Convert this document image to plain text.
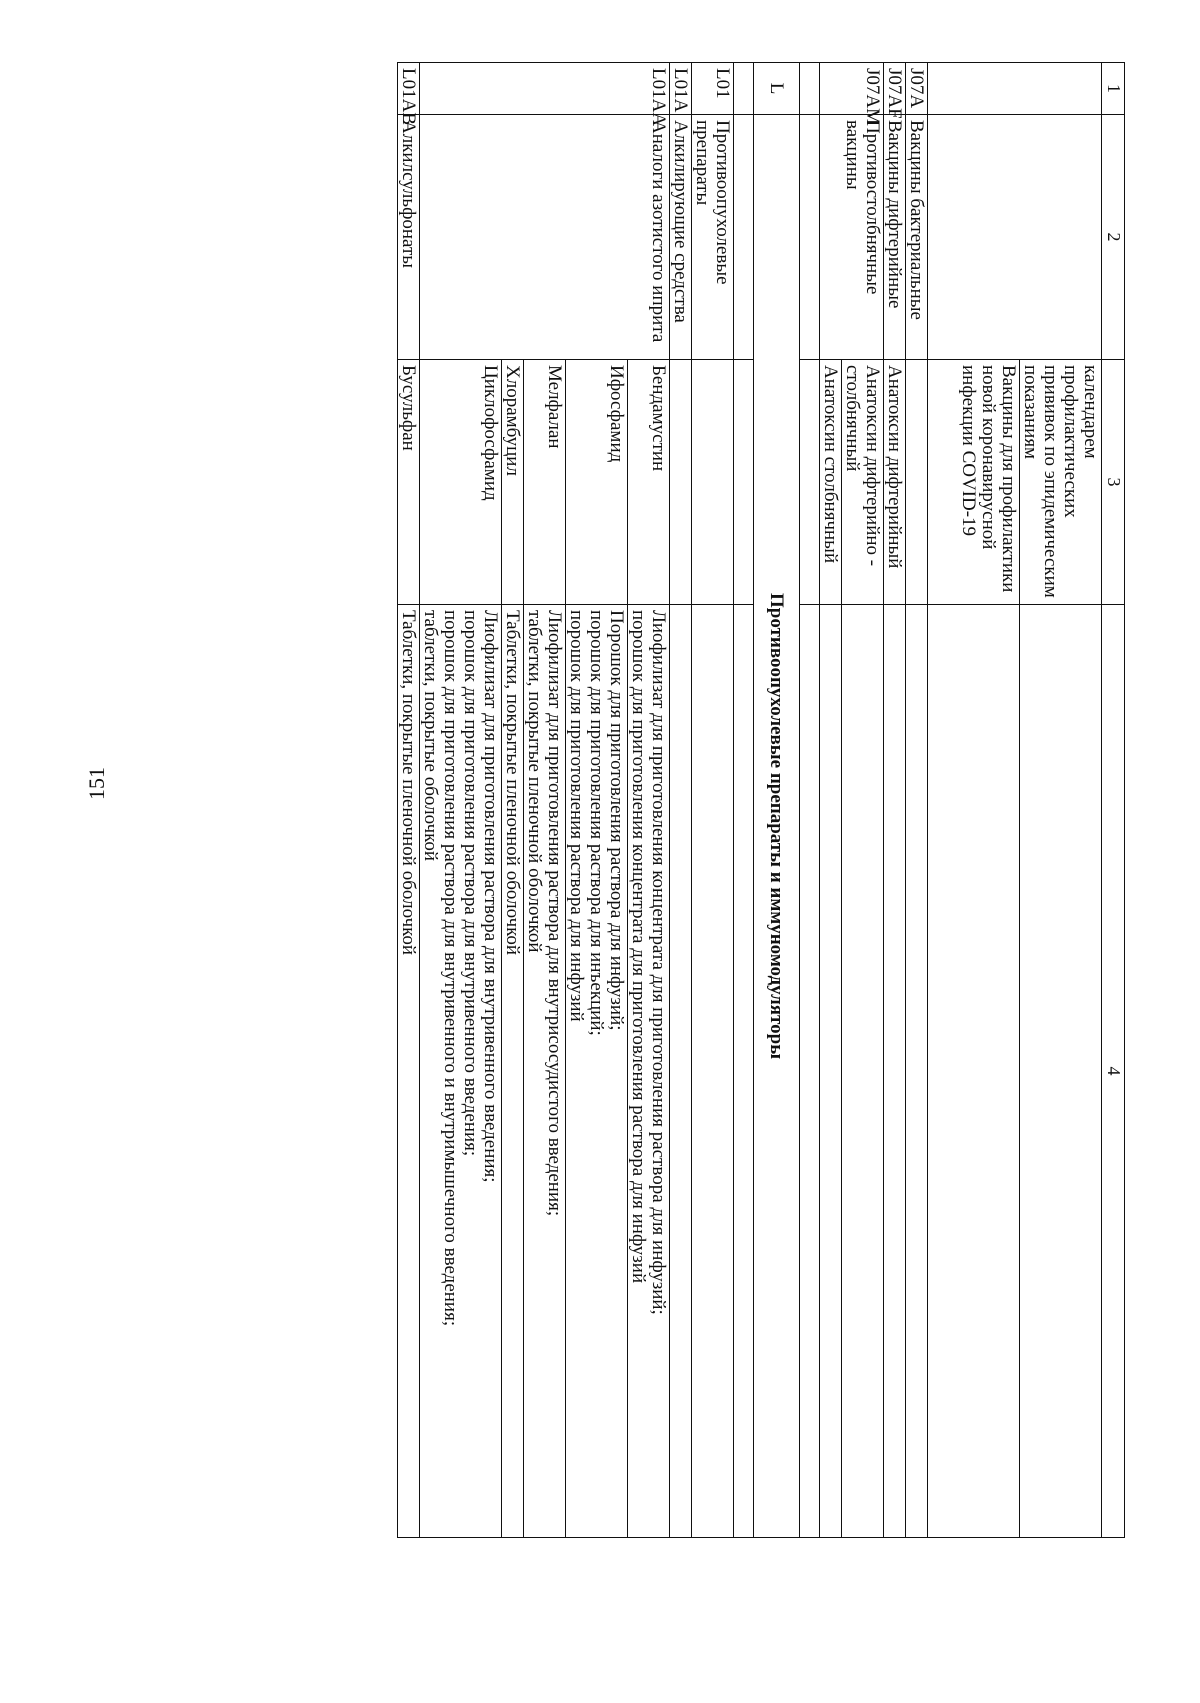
151
1	2	3	4
		календарем профилактических прививок по эпидемическим показаниям	
		Вакцины для профилактики новой коронавирусной инфекции COVID-19	
J07A	Вакцины бактериальные		
J07AF	Вакцины дифтерийные	Анатоксин дифтерийный	
J07AM	Противостолбнячные вакцины	Анатоксин дифтерийно - столбнячный	
		Анатоксин столбнячный	

L	Противоопухолевые препараты и иммуномодуляторы		

L01	Противоопухолевые препараты		
L01A	Алкилирующие средства		
L01AA	Аналоги азотистого иприта	Бендамустин	Лиофилизат для приготовления концентрата для приготовления раствора для инфузий;
порошок для приготовления концентрата для приготовления раствора для инфузий
		Ифосфамид	Порошок для приготовления раствора для инфузий;
порошок для приготовления раствора для инъекций;
порошок для приготовления раствора для инфузий
		Мелфалан	Лиофилизат для приготовления раствора для внутрисосудистого введения;
таблетки, покрытые пленочной оболочкой
		Хлорамбуцил	Таблетки, покрытые пленочной оболочкой
		Циклофосфамид	Лиофилизат для приготовления раствора для внутривенного введения;
порошок для приготовления раствора для внутривенного введения;
порошок для приготовления раствора для внутривенного и внутримышечного введения;
таблетки, покрытые оболочкой
L01AB	Алкилсульфонаты	Бусульфан	Таблетки, покрытые пленочной оболочкой
